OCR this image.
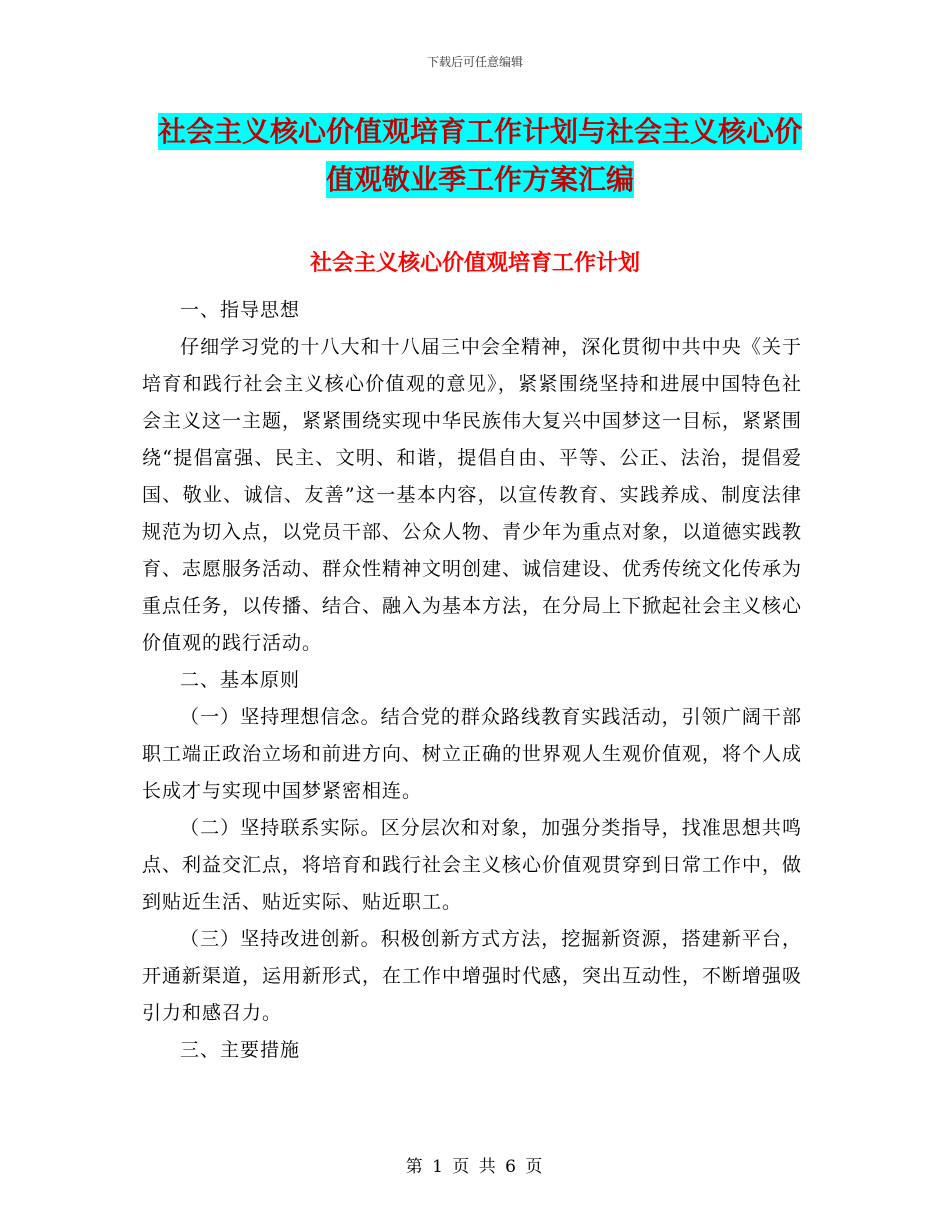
下载后可任意编辑
社会主义核心价值观培育工作计划与社会主义核心价
值观敬业季工作方案汇编
社会主义核心价值观培育工作计划

一、指导思想

仔细学习党的十八大和十八届三中会全精神，深化贯彻中共中央《关于培育和践行社会主义核心价值观的意见》，紧紧围绕坚持和进展中国特色社会主义这一主题，紧紧围绕实现中华民族伟大复兴中国梦这一目标，紧紧围绕“提倡富强、民主、文明、和谐，提倡自由、平等、公正、法治，提倡爱国、敬业、诚信、友善”这一基本内容，以宣传教育、实践养成、制度法律规范为切入点，以党员干部、公众人物、青少年为重点对象，以道德实践教育、志愿服务活动、群众性精神文明创建、诚信建设、优秀传统文化传承为重点任务，以传播、结合、融入为基本方法，在分局上下掀起社会主义核心价值观的践行活动。

二、基本原则

（一）坚持理想信念。结合党的群众路线教育实践活动，引领广阔干部职工端正政治立场和前进方向、树立正确的世界观人生观价值观，将个人成长成才与实现中国梦紧密相连。

（二）坚持联系实际。区分层次和对象，加强分类指导，找准思想共鸣点、利益交汇点，将培育和践行社会主义核心价值观贯穿到日常工作中，做到贴近生活、贴近实际、贴近职工。

（三）坚持改进创新。积极创新方式方法，挖掘新资源，搭建新平台，开通新渠道，运用新形式，在工作中增强时代感，突出互动性，不断增强吸引力和感召力。

三、主要措施

第 1 页 共 6 页
